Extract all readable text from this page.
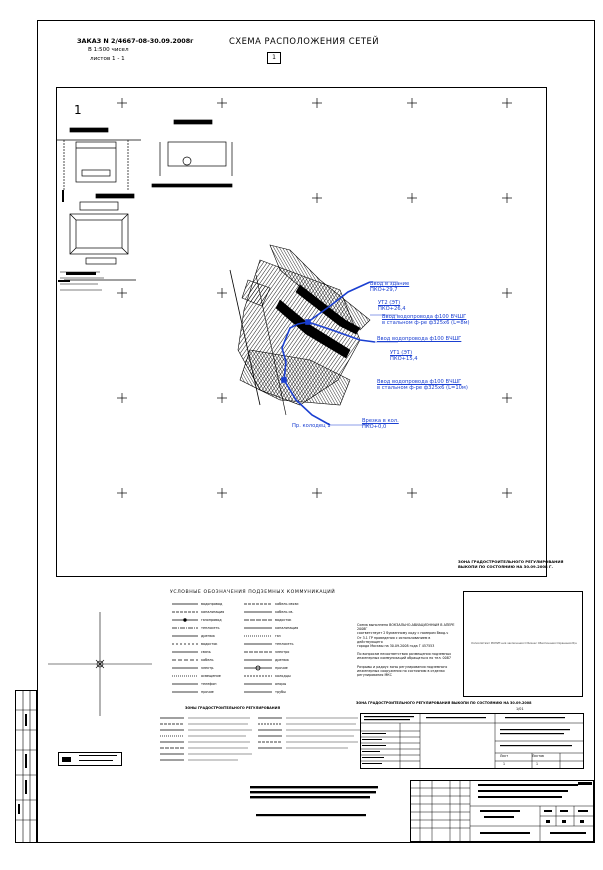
ЗАКАЗ N 2/4667-08-30.09.2008г
В 1:500 чисел
листов 1 - 1
СХЕМА РАСПОЛОЖЕНИЯ СЕТЕЙ
1
1
Ввод в здание
ПКО+29,7
УТ2 (ЭТ)
ПКО+26,4
Ввод водопровода ф100 ВЧШГ
в стальном ф-ре ф325х6 (L=8м)
Ввод водопровода ф100 ВЧШГ
УТ1 (ЭТ)
ПКО+15,4
Ввод водопровода ф100 ВЧШГ
в стальном ф-ре ф325х6 (L=10м)
Врезка в кол.
ПКО+0,0
Пр. колодец 1
ЗОНА ГРАДОСТРОИТЕЛЬНОГО РЕГУЛИРОВАНИЯ
ВЫКОПИ ПО СОСТОЯНИЮ НА 30.09.2008 Г.
УСЛОВНЫЕ ОБОЗНАЧЕНИЯ ПОДЗЕМНЫХ КОММУНИКАЦИЙ
водопровод
канализация
газопровод
теплосеть
дренаж
водосток
связь
кабель
электр.
освещение
телефон
прочие
кабель связи
кабель св.
водосток
канализация
газ
теплосеть
электро
дренаж
прочие
колодцы
опоры
трубы
ЗОНЫ ГРАДОСТРОИТЕЛЬНОГО РЕГУЛИРОВАНИЯ
Схема выполнена ВОКЗАЛЬНО-АВИАЦИОННЫМ В АПЕРЕ 2008Г
соответствует 2 буквенному коду с номером Ввод-ч
От 3.1 ГР проведения с использованием в действующего
города Москвы на 30.09.2008 года Г 457553
По вопросам несоответствия размещения подземных
инженерных коммуникаций обращаться по тел. 0087
Разрывы и радиус зоны регулирования подземного
инженерных сооружения по состоянию в отделах
регулирования МКС
ЗОНА ГРАДОСТРОИТЕЛЬНОГО РЕГУЛИРОВАНИЯ ВЫКОПИ ПО СОСТОЯНИЮ НА 30.09.2008
1/01
Копия Штамп МОНИТ-ния заключения О Бизнес Обеспечения Охранения Б/н
Лист	Листов
1	1
